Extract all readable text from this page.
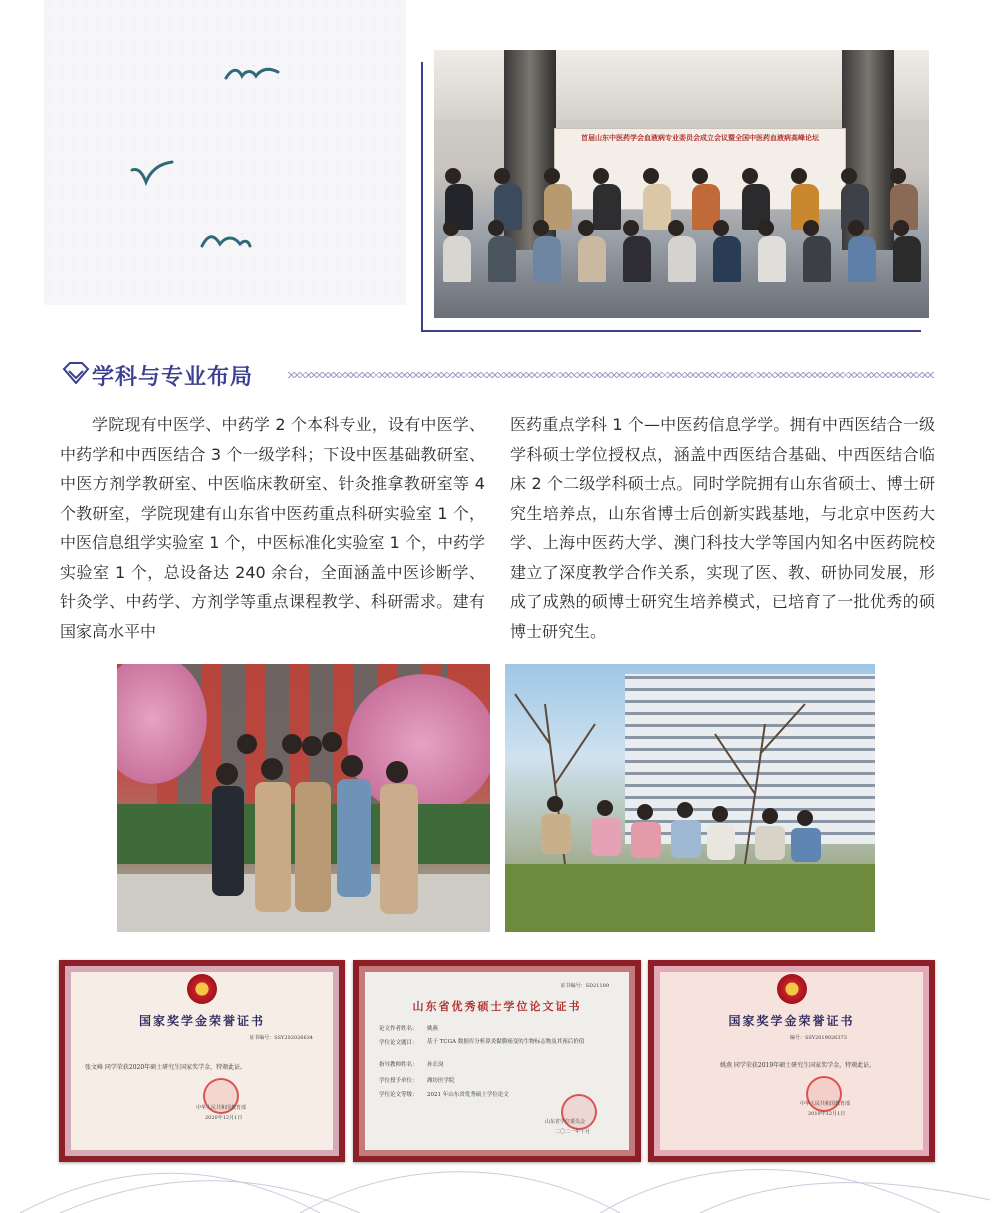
首届山东中医药学会血液病专业委员会成立会议暨全国中医药血液病高峰论坛
学科与专业布局
学院现有中医学、中药学 2 个本科专业，设有中医学、中药学和中西医结合 3 个一级学科；下设中医基础教研室、中医方剂学教研室、中医临床教研室、针灸推拿教研室等 4 个教研室，学院现建有山东省中医药重点科研实验室 1 个，中医信息组学实验室 1 个，中医标准化实验室 1 个，中药学实验室 1 个，总设备达 240 余台，全面涵盖中医诊断学、针灸学、中药学、方剂学等重点课程教学、科研需求。建有国家高水平中
医药重点学科 1 个—中医药信息学学。拥有中西医结合一级学科硕士学位授权点，涵盖中西医结合基础、中西医结合临床 2 个二级学科硕士点。同时学院拥有山东省硕士、博士研究生培养点，山东省博士后创新实践基地，与北京中医药大学、上海中医药大学、澳门科技大学等国内知名中医药院校建立了深度教学合作关系，实现了医、教、研协同发展，形成了成熟的硕博士研究生培养模式，已培育了一批优秀的硕博士研究生。
国家奖学金荣誉证书
证书编号：SSY202026634
张文峰 同学荣获2020年硕士研究生国家奖学金，特颁此证。
中华人民共和国教育部
2020年12月1日
证书编号：SD21109
山东省优秀硕士学位论文证书
论文作者姓名： 姚燕
学位论文题目： 基于 TCGA 数据库分析鼻炎黏膜癌变的生物标志物及其预后价值
指导教师姓名： 孙长岗
学位授予单位： 潍坊医学院
学位论文等级： 2021 年山东省优秀硕士学位论文
山东省学位委员会
二〇二一年十月
国家奖学金荣誉证书
编号：SSY2019026373
姚燕 同学荣获2019年硕士研究生国家奖学金，特颁此证。
中华人民共和国教育部
2019年12月1日
